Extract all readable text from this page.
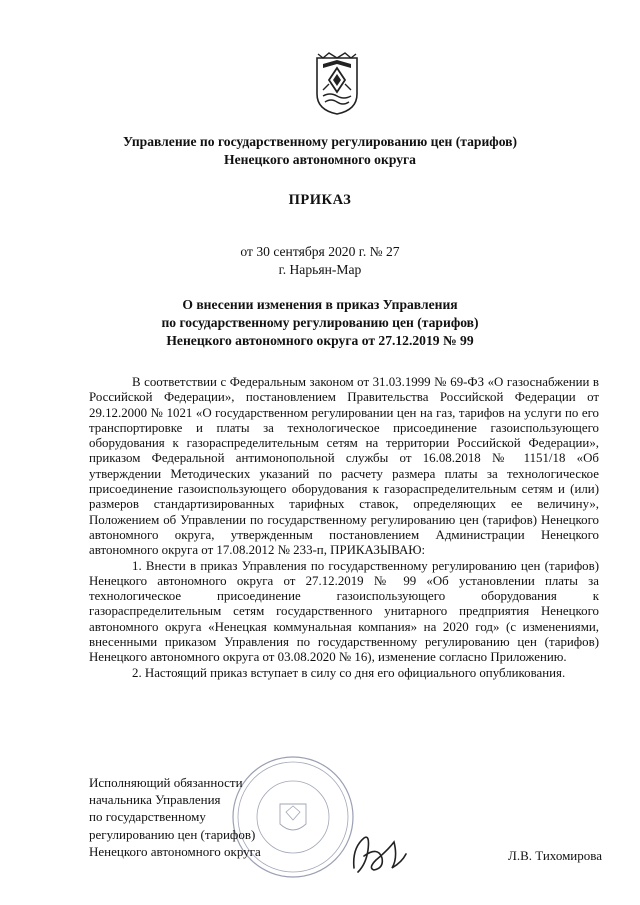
Управление по государственному регулированию цен (тарифов)
Ненецкого автономного округа
ПРИКАЗ
от 30 сентября 2020 г. № 27
г. Нарьян-Мар
О внесении изменения в приказ Управления
по государственному регулированию цен (тарифов)
Ненецкого автономного округа от 27.12.2019 № 99

В соответствии с Федеральным законом от 31.03.1999 № 69-ФЗ «О газоснабжении в Российской Федерации», постановлением Правительства Российской Федерации от 29.12.2000 № 1021 «О государственном регулировании цен на газ, тарифов на услуги по его транспортировке и платы за технологическое присоединение газоиспользующего оборудования к газораспределительным сетям на территории Российской Федерации», приказом Федеральной антимонопольной службы от 16.08.2018 № 1151/18 «Об утверждении Методических указаний по расчету размера платы за технологическое присоединение газоиспользующего оборудования к газораспределительным сетям и (или) размеров стандартизированных тарифных ставок, определяющих ее величину», Положением об Управлении по государственному регулированию цен (тарифов) Ненецкого автономного округа, утвержденным постановлением Администрации Ненецкого автономного округа от 17.08.2012 № 233-п, ПРИКАЗЫВАЮ:

1. Внести в приказ Управления по государственному регулированию цен (тарифов) Ненецкого автономного округа от 27.12.2019 № 99 «Об установлении платы за технологическое присоединение газоиспользующего оборудования к газораспределительным сетям государственного унитарного предприятия Ненецкого автономного округа «Ненецкая коммунальная компания» на 2020 год» (с изменениями, внесенными приказом Управления по государственному регулированию цен (тарифов) Ненецкого автономного округа от 03.08.2020 № 16), изменение согласно Приложению.

2. Настоящий приказ вступает в силу со дня его официального опубликования.

Исполняющий обязанности
начальника Управления
по государственному
регулированию цен (тарифов)
Ненецкого автономного округа	Л.В. Тихомирова
